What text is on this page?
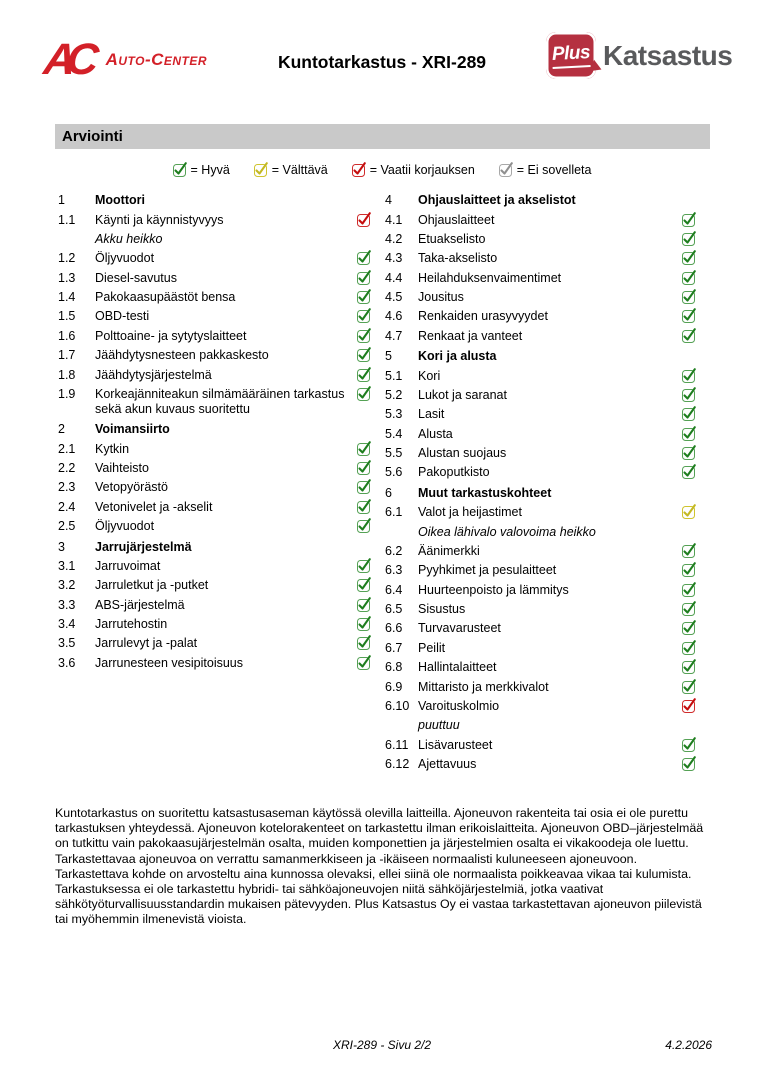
AC Auto-Center	Kuntotarkastus - XRI-289	Plus Katsastus
Arviointi
= Hyvä	= Välttävä	= Vaatii korjauksen	= Ei sovelleta
1	Moottori
1.1	Käynti ja käynnistyvyys
Akku heikko
1.2	Öljyvuodot
1.3	Diesel-savutus
1.4	Pakokaasupäästöt bensa
1.5	OBD-testi
1.6	Polttoaine- ja sytytyslaitteet
1.7	Jäähdytysnesteen pakkaskesto
1.8	Jäähdytysjärjestelmä
1.9	Korkeajänniteakun silmämääräinen tarkastus sekä akun kuvaus suoritettu
2	Voimansiirto
2.1	Kytkin
2.2	Vaihteisto
2.3	Vetopyörästö
2.4	Vetonivelet ja -akselit
2.5	Öljyvuodot
3	Jarrujärjestelmä
3.1	Jarruvoimat
3.2	Jarruletkut ja -putket
3.3	ABS-järjestelmä
3.4	Jarrutehostin
3.5	Jarrulevyt ja -palat
3.6	Jarrunesteen vesipitoisuus
4	Ohjauslaitteet ja akselistot
4.1	Ohjauslaitteet
4.2	Etuakselisto
4.3	Taka-akselisto
4.4	Heilahduksenvaimentimet
4.5	Jousitus
4.6	Renkaiden urasyvyydet
4.7	Renkaat ja vanteet
5	Kori ja alusta
5.1	Kori
5.2	Lukot ja saranat
5.3	Lasit
5.4	Alusta
5.5	Alustan suojaus
5.6	Pakoputkisto
6	Muut tarkastuskohteet
6.1	Valot ja heijastimet
Oikea lähivalo valovoima heikko
6.2	Äänimerkki
6.3	Pyyhkimet ja pesulaitteet
6.4	Huurteenpoisto ja lämmitys
6.5	Sisustus
6.6	Turvavarusteet
6.7	Peilit
6.8	Hallintalaitteet
6.9	Mittaristo ja merkkivalot
6.10 Varoituskolmio
puuttuu
6.11 Lisävarusteet
6.12 Ajettavuus
Kuntotarkastus on suoritettu katsastusaseman käytössä olevilla laitteilla. Ajoneuvon rakenteita tai osia ei ole purettu tarkastuksen yhteydessä. Ajoneuvon kotelorakenteet on tarkastettu ilman erikoislaitteita. Ajoneuvon OBD–järjestelmää on tutkittu vain pakokaasujärjestelmän osalta, muiden komponettien ja järjestelmien osalta ei vikakoodeja ole luettu. Tarkastettavaa ajoneuvoa on verrattu samanmerkkiseen ja -ikäiseen normaalisti kuluneeseen ajoneuvoon. Tarkastettava kohde on arvosteltu aina kunnossa olevaksi, ellei siinä ole normaalista poikkeavaa vikaa tai kulumista. Tarkastuksessa ei ole tarkastettu hybridi- tai sähköajoneuvojen niitä sähköjärjestelmiä, jotka vaativat sähkötyöturvallisuusstandardin mukaisen pätevyyden. Plus Katsastus Oy ei vastaa tarkastettavan ajoneuvon piilevistä tai myöhemmin ilmenevistä vioista.
XRI-289 - Sivu 2/2	4.2.2026
